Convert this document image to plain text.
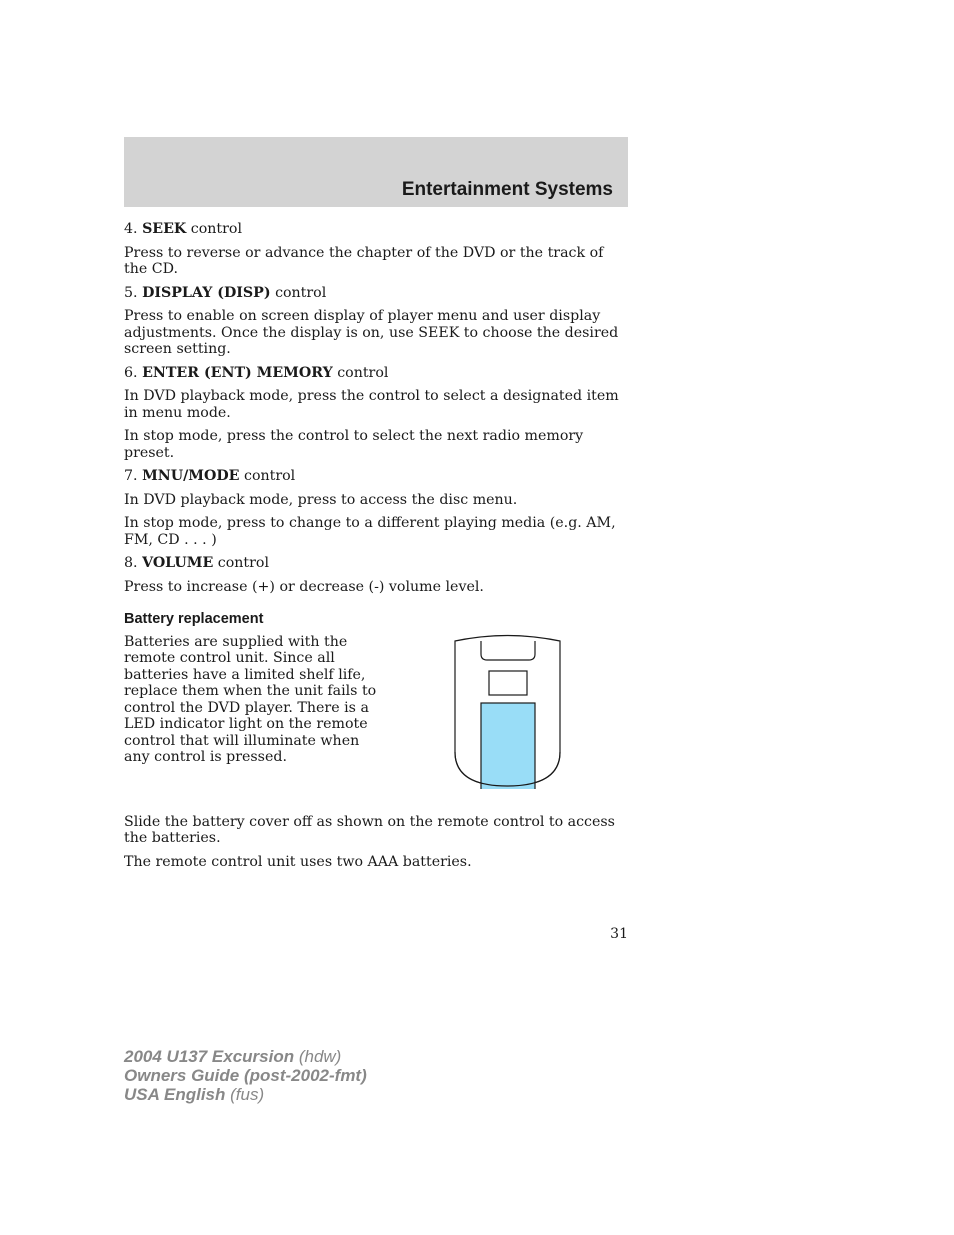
Entertainment Systems

4. SEEK control

Press to reverse or advance the chapter of the DVD or the track of the CD.

5. DISPLAY (DISP) control

Press to enable on screen display of player menu and user display adjustments. Once the display is on, use SEEK to choose the desired screen setting.

6. ENTER (ENT) MEMORY control

In DVD playback mode, press the control to select a designated item in menu mode.

In stop mode, press the control to select the next radio memory preset.

7. MNU/MODE control

In DVD playback mode, press to access the disc menu.

In stop mode, press to change to a different playing media (e.g. AM, FM, CD . . . )

8. VOLUME control

Press to increase (+) or decrease (-) volume level.

Battery replacement

Batteries are supplied with the remote control unit. Since all batteries have a limited shelf life, replace them when the unit fails to control the DVD player. There is a LED indicator light on the remote control that will illuminate when any control is pressed.

Slide the battery cover off as shown on the remote control to access the batteries.

The remote control unit uses two AAA batteries.

31
2004 U137 Excursion (hdw)
Owners Guide (post-2002-fmt)
USA English (fus)
